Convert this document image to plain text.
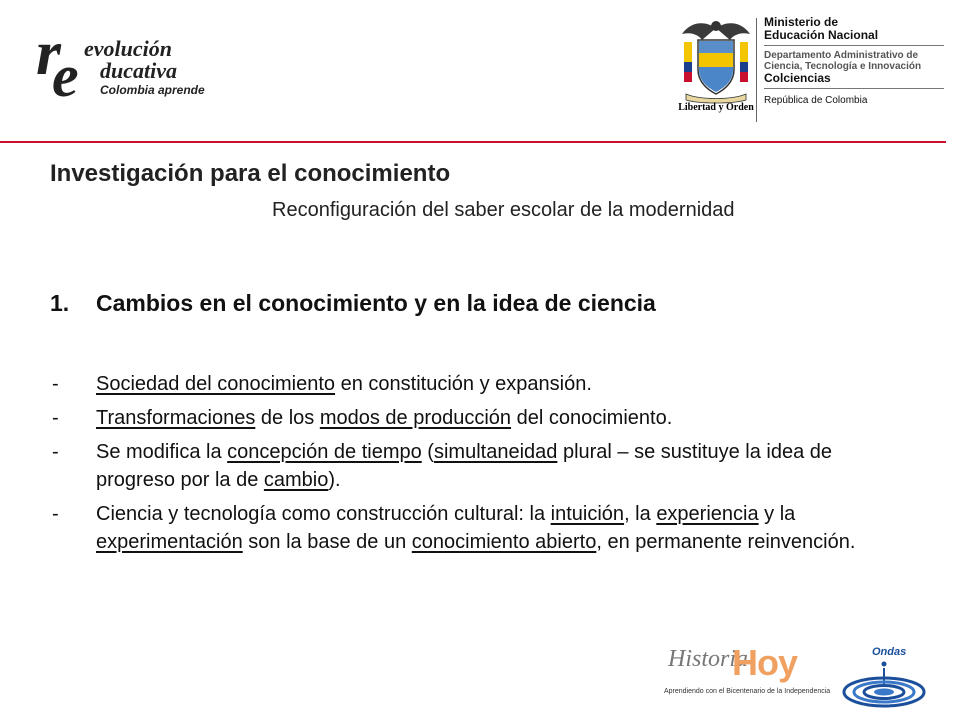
r
e evolución
ducativa
Colombia aprende
Libertad y Orden
Ministerio de
Educación Nacional
Departamento Administrativo de
Ciencia, Tecnología e Innovación
Colciencias
República de Colombia
Investigación para el conocimiento
Reconfiguración del saber escolar de la modernidad
1. Cambios en el conocimiento y en la idea de ciencia
-	Sociedad del conocimiento en constitución y expansión.
-	Transformaciones de los modos de producción del conocimiento.
-	Se modifica la concepción de tiempo (simultaneidad plural – se sustituye la idea de progreso por la de cambio).
-	Ciencia y tecnología como construcción cultural: la intuición, la experiencia y la experimentación son la base de un conocimiento abierto, en permanente reinvención.
Historia
Hoy
Aprendiendo con el Bicentenario de la Independencia
Ondas
